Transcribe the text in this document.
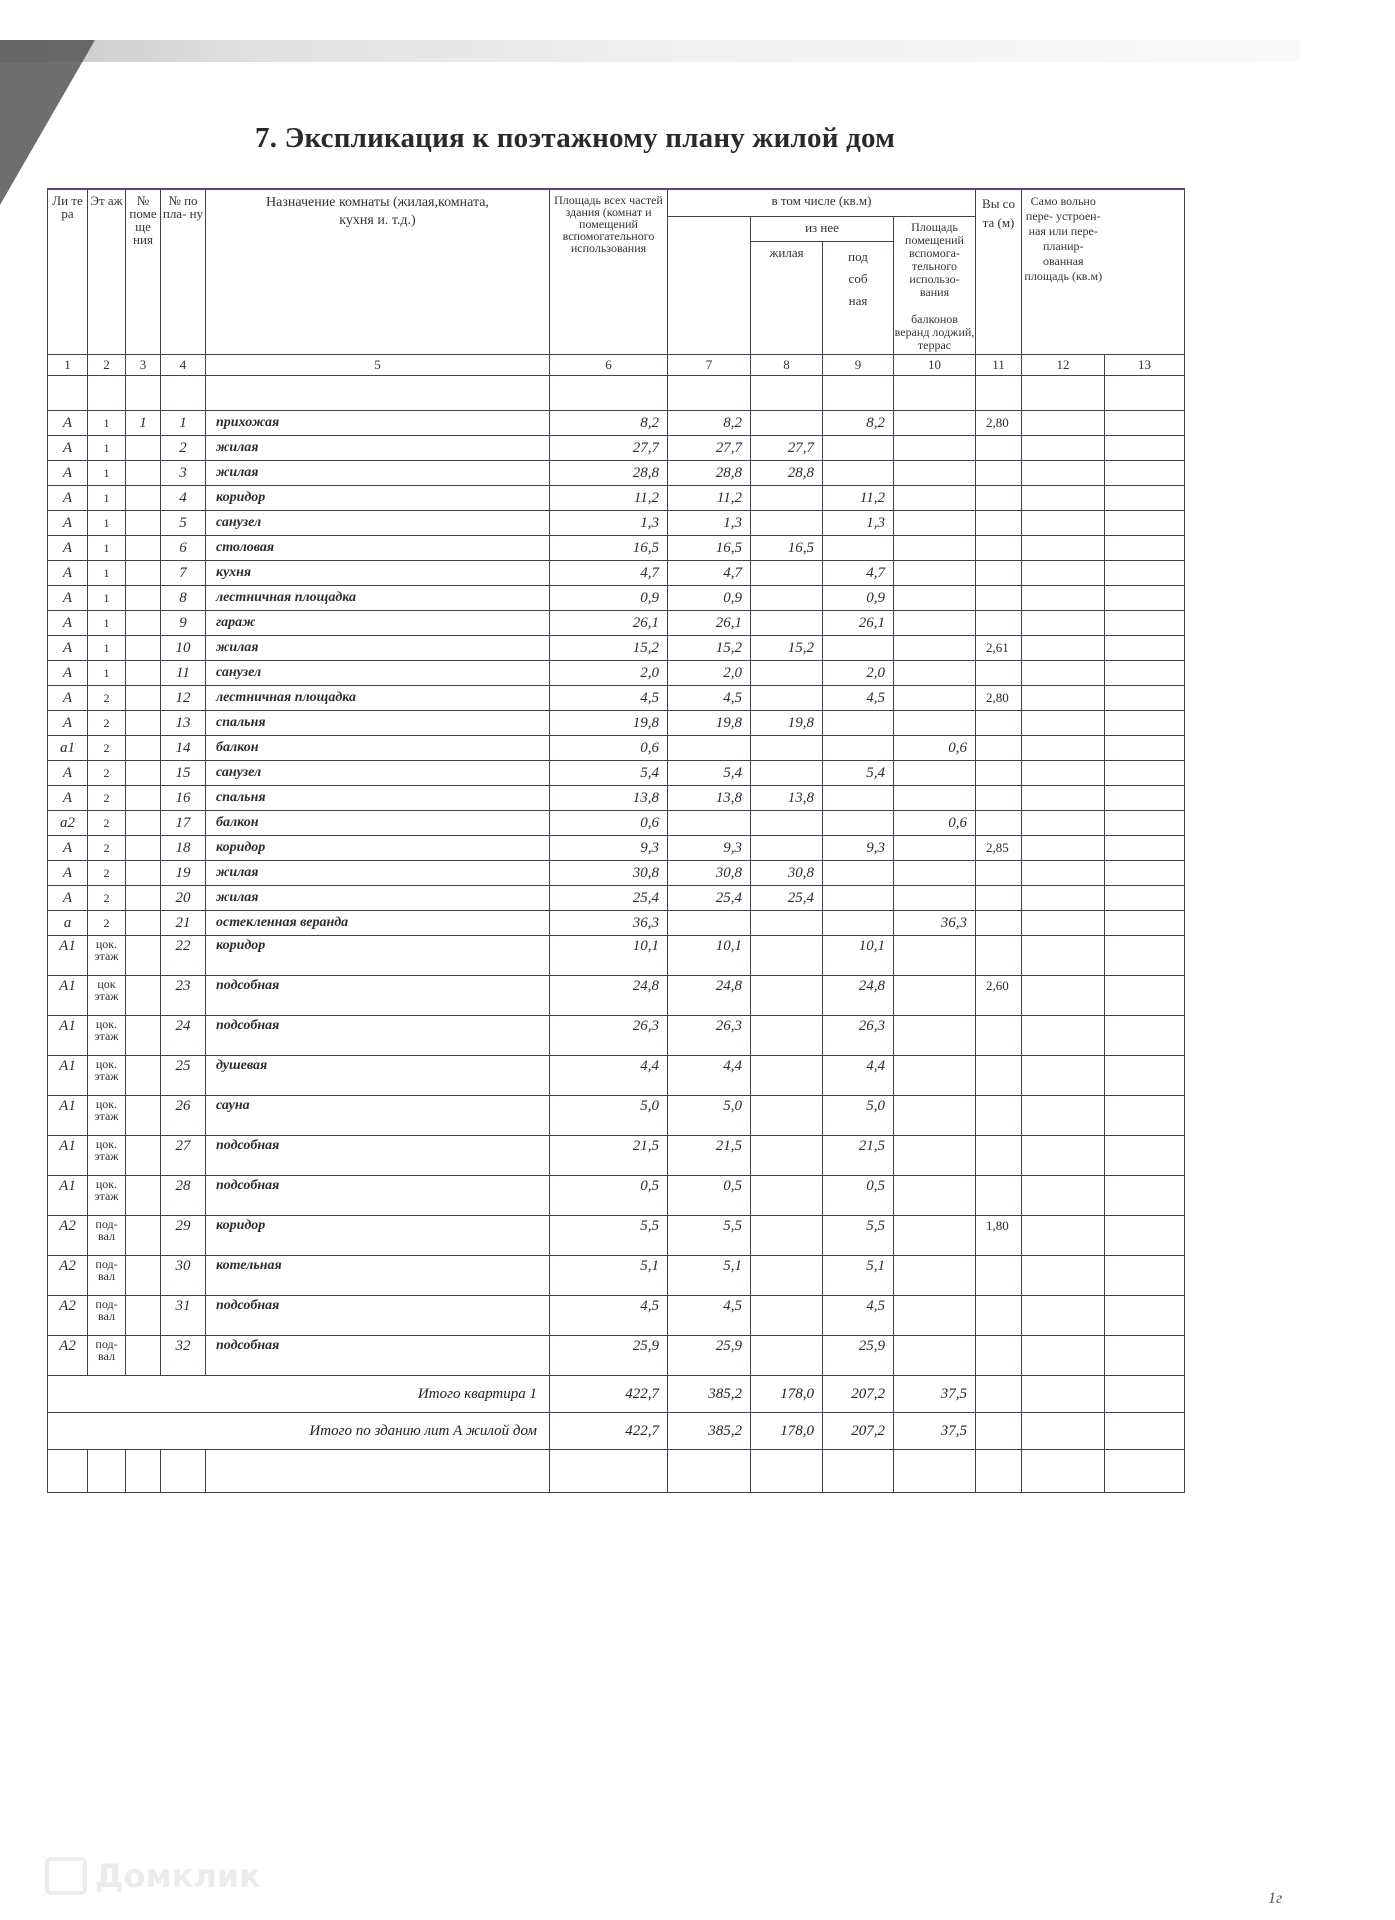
7. Экспликация к поэтажному плану жилой дом
Ли те ра	Эт аж	№ поме ще ния	№ по пла- ну	Назначение комнаты (жилая,комната, кухня и. т.д.)	Площадь всех частей здания (комнат и помещений вспомогательного использования	в том числе (кв.м)				Вы со та (м)	Само вольно пере- устроен- ная или пере- планир- ованная площадь (кв.м)	
							из нее		Площадь помещений вспомога- тельного использо- вания
балконов веранд лоджий, террас			

							жилая	под соб ная				
1	2	3	4	5	6	7	8	9	10	11	12	13

А	1	1	1	прихожая	8,2	8,2		8,2		2,80		
А	1		2	жилая	27,7	27,7	27,7					
А	1		3	жилая	28,8	28,8	28,8					
А	1		4	коридор	11,2	11,2		11,2				
А	1		5	санузел	1,3	1,3		1,3				
А	1		6	столовая	16,5	16,5	16,5					
А	1		7	кухня	4,7	4,7		4,7				
А	1		8	лестничная площадка	0,9	0,9		0,9				
А	1		9	гараж	26,1	26,1		26,1				
А	1		10	жилая	15,2	15,2	15,2			2,61		
А	1		11	санузел	2,0	2,0		2,0				
А	2		12	лестничная площадка	4,5	4,5		4,5		2,80		
А	2		13	спальня	19,8	19,8	19,8					
а1	2		14	балкон	0,6				0,6			
А	2		15	санузел	5,4	5,4		5,4				
А	2		16	спальня	13,8	13,8	13,8					
а2	2		17	балкон	0,6				0,6			
А	2		18	коридор	9,3	9,3		9,3		2,85		
А	2		19	жилая	30,8	30,8	30,8					
А	2		20	жилая	25,4	25,4	25,4					
а	2		21	остекленная веранда	36,3				36,3			
А1	цок. этаж		22	коридор	10,1	10,1		10,1				
А1	цок этаж		23	подсобная	24,8	24,8		24,8		2,60		
А1	цок. этаж		24	подсобная	26,3	26,3		26,3				
А1	цок. этаж		25	душевая	4,4	4,4		4,4				
А1	цок. этаж		26	сауна	5,0	5,0		5,0				
А1	цок. этаж		27	подсобная	21,5	21,5		21,5				
А1	цок. этаж		28	подсобная	0,5	0,5		0,5				
А2	под- вал		29	коридор	5,5	5,5		5,5		1,80		
А2	под- вал		30	котельная	5,1	5,1		5,1				
А2	под- вал		31	подсобная	4,5	4,5		4,5				
А2	под- вал		32	подсобная	25,9	25,9		25,9				
Итого квартира 1					422,7	385,2	178,0	207,2	37,5			
Итого по зданию лит А жилой дом					422,7	385,2	178,0	207,2	37,5			

Домклик
1г
